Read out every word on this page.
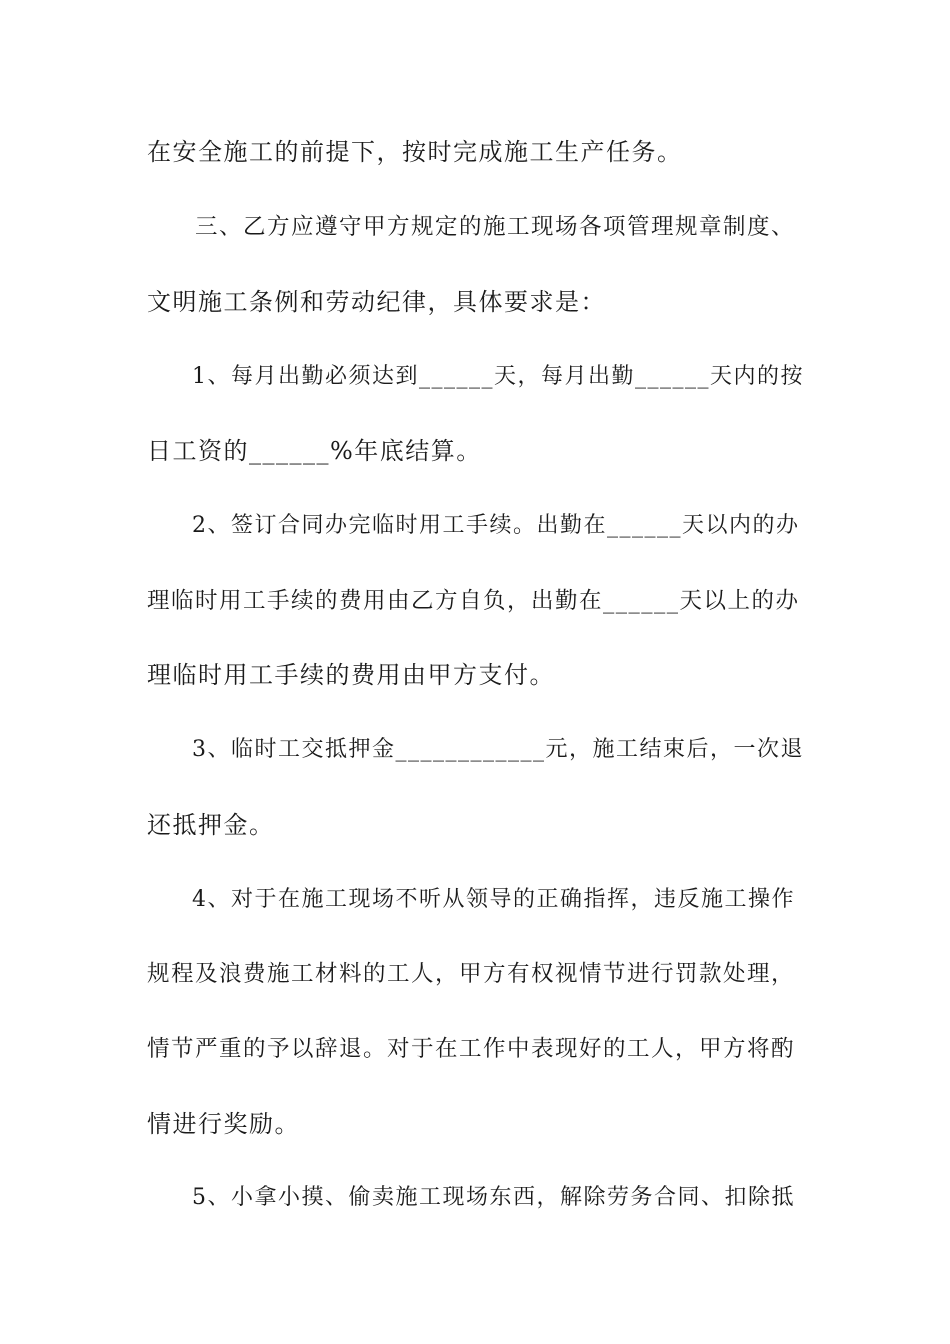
在安全施工的前提下，按时完成施工生产任务。
三、乙方应遵守甲方规定的施工现场各项管理规章制度、
文明施工条例和劳动纪律，具体要求是：
1、每月出勤必须达到______天，每月出勤______天内的按
日工资的______%年底结算。
2、签订合同办完临时用工手续。出勤在______天以内的办
理临时用工手续的费用由乙方自负，出勤在______天以上的办
理临时用工手续的费用由甲方支付。
3、临时工交抵押金____________元，施工结束后，一次退
还抵押金。
4、对于在施工现场不听从领导的正确指挥，违反施工操作
规程及浪费施工材料的工人，甲方有权视情节进行罚款处理，
情节严重的予以辞退。对于在工作中表现好的工人，甲方将酌
情进行奖励。
5、小拿小摸、偷卖施工现场东西，解除劳务合同、扣除抵
